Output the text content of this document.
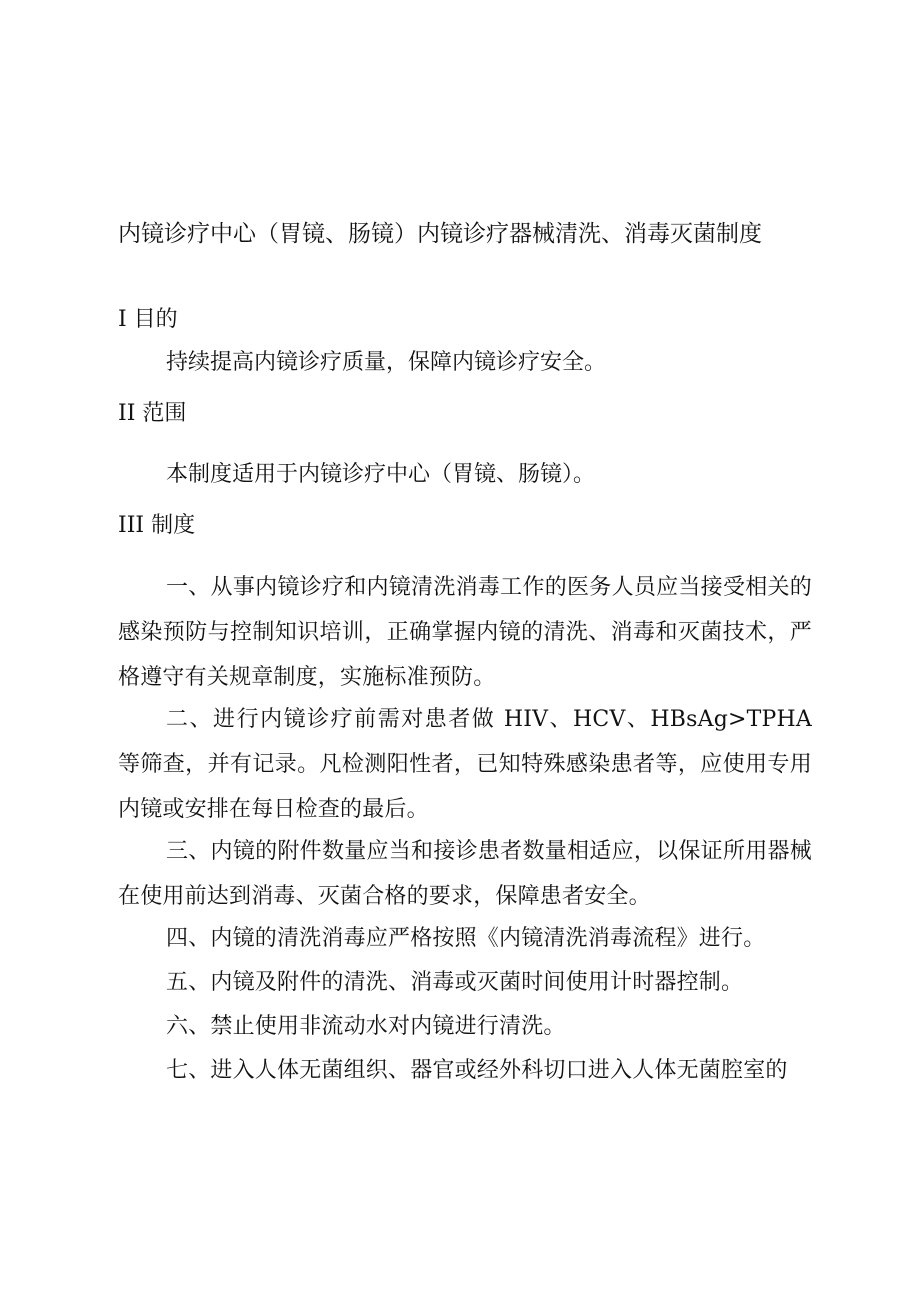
内镜诊疗中心（胃镜、肠镜）内镜诊疗器械清洗、消毒灭菌制度
I 目的
持续提高内镜诊疗质量，保障内镜诊疗安全。
II 范围
本制度适用于内镜诊疗中心（胃镜、肠镜）。
III 制度
一、从事内镜诊疗和内镜清洗消毒工作的医务人员应当接受相关的感染预防与控制知识培训，正确掌握内镜的清洗、消毒和灭菌技术，严格遵守有关规章制度，实施标准预防。
二、进行内镜诊疗前需对患者做 HIV、HCV、HBsAg>TPHA 等筛查，并有记录。凡检测阳性者，已知特殊感染患者等，应使用专用内镜或安排在每日检查的最后。
三、内镜的附件数量应当和接诊患者数量相适应，以保证所用器械在使用前达到消毒、灭菌合格的要求，保障患者安全。
四、内镜的清洗消毒应严格按照《内镜清洗消毒流程》进行。
五、内镜及附件的清洗、消毒或灭菌时间使用计时器控制。
六、禁止使用非流动水对内镜进行清洗。
七、进入人体无菌组织、器官或经外科切口进入人体无菌腔室的
